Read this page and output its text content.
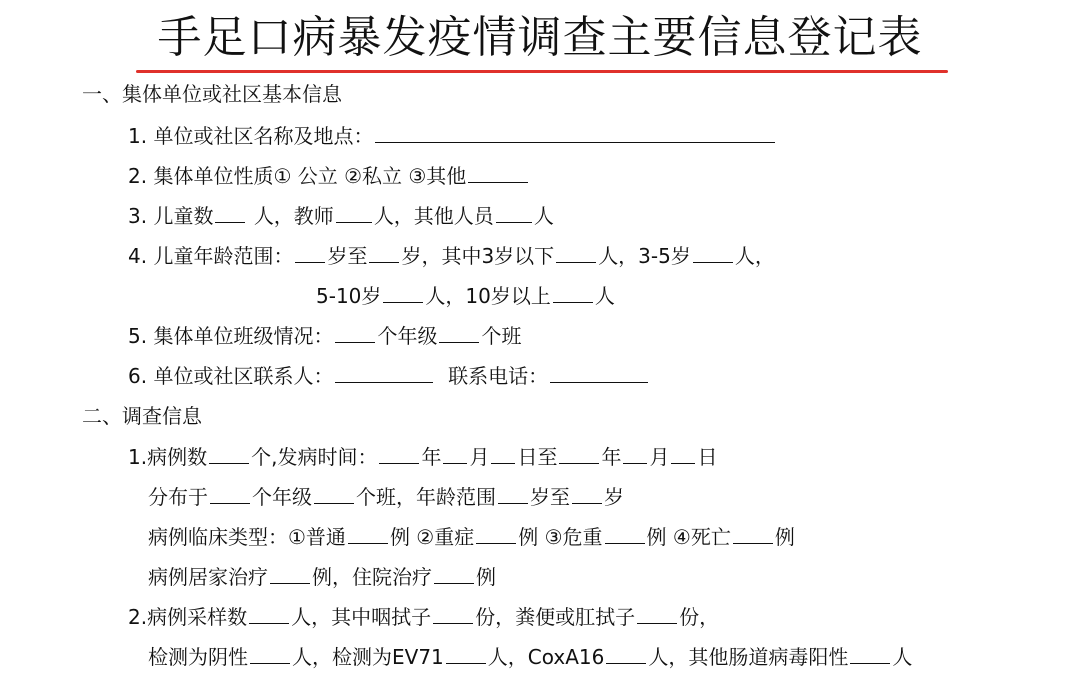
手足口病暴发疫情调查主要信息登记表
一、集体单位或社区基本信息
1. 单位或社区名称及地点：
2. 集体单位性质① 公立 ②私立 ③其他
3. 儿童数 人，教师 人，其他人员 人
4. 儿童年龄范围： 岁至 岁，其中3岁以下 人，3-5岁 人，
5-10岁 人，10岁以上 人
5. 集体单位班级情况： 个年级 个班
6. 单位或社区联系人：	联系电话：
二、调查信息
1.病例数 个,发病时间： 年 月 日至 年 月 日
分布于 个年级 个班，年龄范围 岁至 岁
病例临床类型：①普通 例 ②重症 例 ③危重 例 ④死亡 例
病例居家治疗 例，住院治疗 例
2.病例采样数 人，其中咽拭子 份，粪便或肛拭子 份，
检测为阴性 人，检测为EV71 人，CoxA16 人，其他肠道病毒阳性 人
